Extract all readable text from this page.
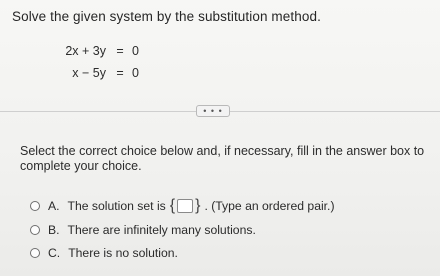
Solve the given system by the substitution method.
2x + 3y = 0
x − 5y = 0
• • •
Select the correct choice below and, if necessary, fill in the answer box to complete your choice.
A. The solution set is { } . (Type an ordered pair.)
B. There are infinitely many solutions.
C. There is no solution.
